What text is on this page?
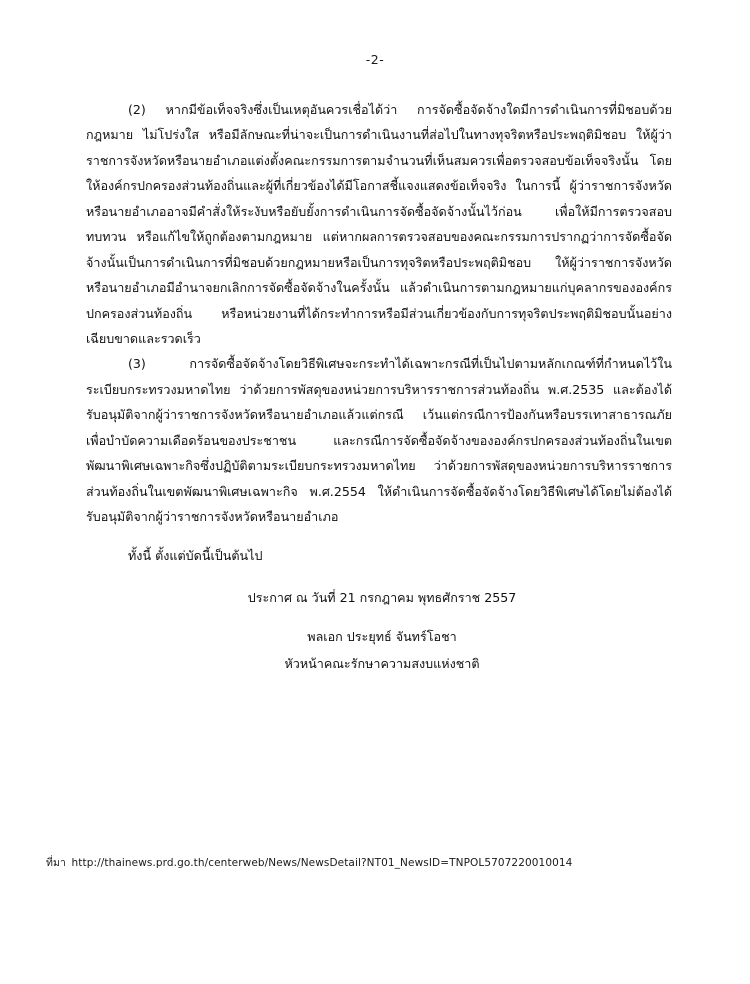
-2-

(2) หากมีข้อเท็จจริงซึ่งเป็นเหตุอันควรเชื่อได้ว่า การจัดซื้อจัดจ้างใดมีการดำเนินการที่มิชอบด้วยกฎหมาย ไม่โปร่งใส หรือมีลักษณะที่น่าจะเป็นการดำเนินงานที่ส่อไปในทางทุจริตหรือประพฤติมิชอบ ให้ผู้ว่าราชการจังหวัดหรือนายอำเภอแต่งตั้งคณะกรรมการตามจำนวนที่เห็นสมควรเพื่อตรวจสอบข้อเท็จจริงนั้น โดยให้องค์กรปกครองส่วนท้องถิ่นและผู้ที่เกี่ยวข้องได้มีโอกาสชี้แจงแสดงข้อเท็จจริง ในการนี้ ผู้ว่าราชการจังหวัดหรือนายอำเภออาจมีคำสั่งให้ระงับหรือยับยั้งการดำเนินการจัดซื้อจัดจ้างนั้นไว้ก่อน เพื่อให้มีการตรวจสอบ ทบทวน หรือแก้ไขให้ถูกต้องตามกฎหมาย แต่หากผลการตรวจสอบของคณะกรรมการปรากฏว่าการจัดซื้อจัดจ้างนั้นเป็นการดำเนินการที่มิชอบด้วยกฎหมายหรือเป็นการทุจริตหรือประพฤติมิชอบ ให้ผู้ว่าราชการจังหวัดหรือนายอำเภอมีอำนาจยกเลิกการจัดซื้อจัดจ้างในครั้งนั้น แล้วดำเนินการตามกฎหมายแก่บุคลากรขององค์กรปกครองส่วนท้องถิ่น หรือหน่วยงานที่ได้กระทำการหรือมีส่วนเกี่ยวข้องกับการทุจริตประพฤติมิชอบนั้นอย่างเฉียบขาดและรวดเร็ว

(3) การจัดซื้อจัดจ้างโดยวิธีพิเศษจะกระทำได้เฉพาะกรณีที่เป็นไปตามหลักเกณฑ์ที่กำหนดไว้ในระเบียบกระทรวงมหาดไทย ว่าด้วยการพัสดุของหน่วยการบริหารราชการส่วนท้องถิ่น พ.ศ.2535 และต้องได้รับอนุมัติจากผู้ว่าราชการจังหวัดหรือนายอำเภอแล้วแต่กรณี เว้นแต่กรณีการป้องกันหรือบรรเทาสาธารณภัย เพื่อบำบัดความเดือดร้อนของประชาชน และกรณีการจัดซื้อจัดจ้างขององค์กรปกครองส่วนท้องถิ่นในเขตพัฒนาพิเศษเฉพาะกิจซึ่งปฏิบัติตามระเบียบกระทรวงมหาดไทย ว่าด้วยการพัสดุของหน่วยการบริหารราชการส่วนท้องถิ่นในเขตพัฒนาพิเศษเฉพาะกิจ พ.ศ.2554 ให้ดำเนินการจัดซื้อจัดจ้างโดยวิธีพิเศษได้โดยไม่ต้องได้รับอนุมัติจากผู้ว่าราชการจังหวัดหรือนายอำเภอ

ทั้งนี้ ตั้งแต่บัดนี้เป็นต้นไป
ประกาศ ณ วันที่ 21 กรกฎาคม พุทธศักราช 2557
พลเอก ประยุทธ์ จันทร์โอชา
หัวหน้าคณะรักษาความสงบแห่งชาติ
ที่มา http://thainews.prd.go.th/centerweb/News/NewsDetail?NT01_NewsID=TNPOL5707220010014
